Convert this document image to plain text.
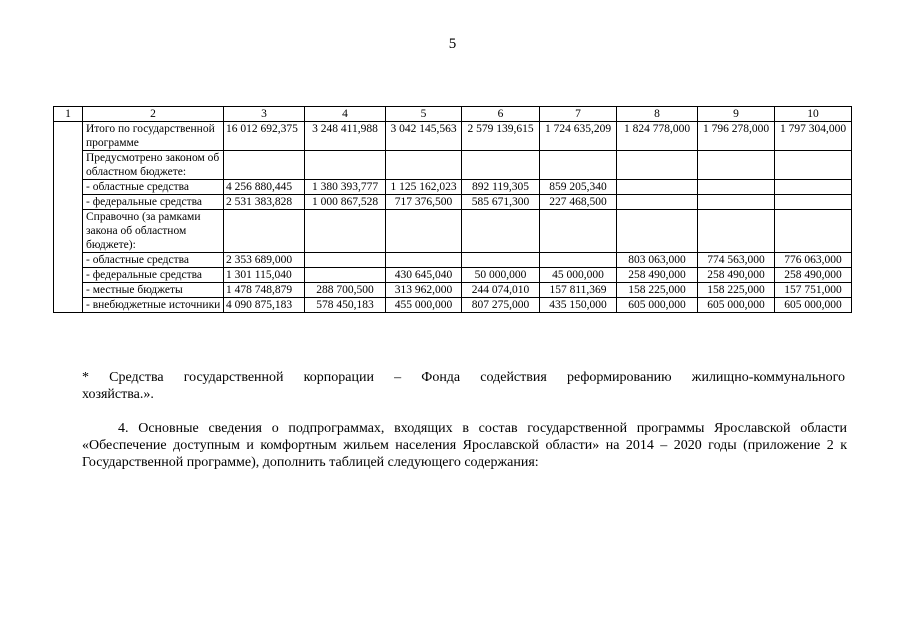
5
1	2	3	4	5	6	7	8	9	10
	Итого по государственной программе	16 012 692,375	3 248 411,988	3 042 145,563	2 579 139,615	1 724 635,209	1 824 778,000	1 796 278,000	1 797 304,000
	Предусмотрено законом об областном бюджете:								
	- областные средства	4 256 880,445	1 380 393,777	1 125 162,023	892 119,305	859 205,340			
	- федеральные средства	2 531 383,828	1 000 867,528	717 376,500	585 671,300	227 468,500			
	Справочно (за рамками закона об областном бюджете):								
	- областные средства	2 353 689,000					803 063,000	774 563,000	776 063,000
	- федеральные средства	1 301 115,040		430 645,040	50 000,000	45 000,000	258 490,000	258 490,000	258 490,000
	- местные бюджеты	1 478 748,879	288 700,500	313 962,000	244 074,010	157 811,369	158 225,000	158 225,000	157 751,000
	- внебюджетные источники	4 090 875,183	578 450,183	455 000,000	807 275,000	435 150,000	605 000,000	605 000,000	605 000,000
* Средства государственной корпорации – Фонда содействия реформированию жилищно-коммунального
хозяйства.».
4. Основные сведения о подпрограммах, входящих в состав государственной программы Ярославской области «Обеспечение доступным и комфортным жильем населения Ярославской области» на 2014 – 2020 годы (приложение 2 к Государственной программе), дополнить таблицей следующего содержания:
